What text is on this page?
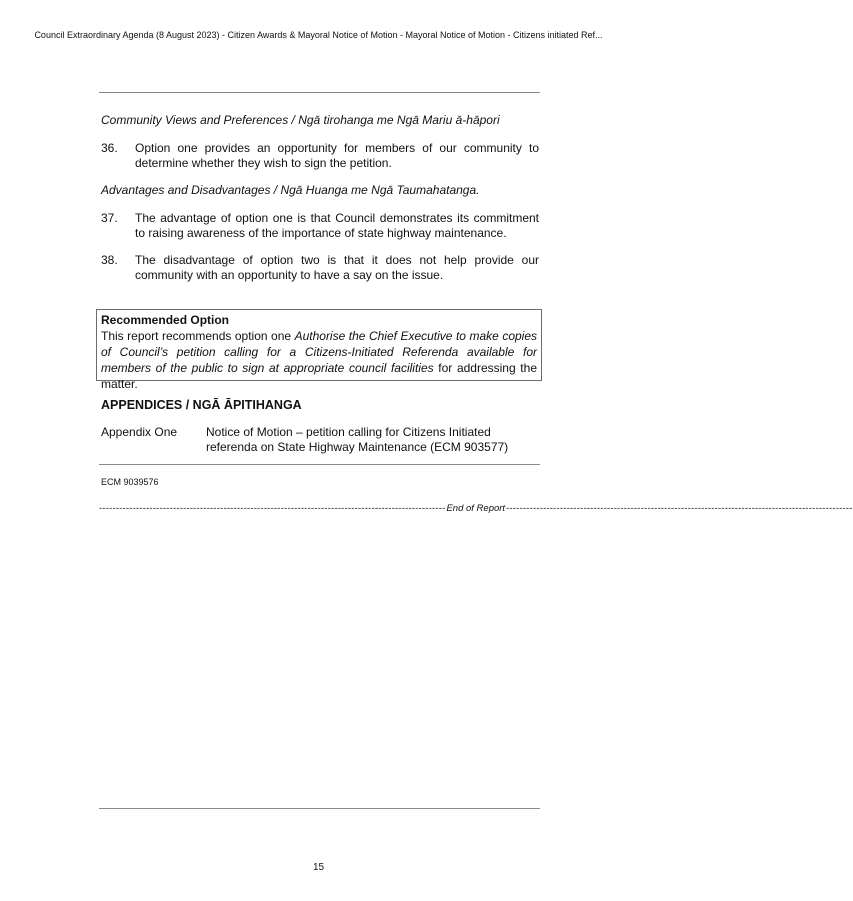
Council Extraordinary Agenda (8 August 2023) - Citizen Awards & Mayoral Notice of Motion - Mayoral Notice of Motion - Citizens initiated Ref...
Community Views and Preferences / Ngā tirohanga me Ngā Mariu ā-hāpori
36. Option one provides an opportunity for members of our community to determine whether they wish to sign the petition.
Advantages and Disadvantages / Ngā Huanga me Ngā Taumahatanga.
37. The advantage of option one is that Council demonstrates its commitment to raising awareness of the importance of state highway maintenance.
38. The disadvantage of option two is that it does not help provide our community with an opportunity to have a say on the issue.
Recommended Option
This report recommends option one Authorise the Chief Executive to make copies of Council’s petition calling for a Citizens-Initiated Referenda available for members of the public to sign at appropriate council facilities for addressing the matter.
APPENDICES / NGĀ ĀPITIHANGA
Appendix One Notice of Motion – petition calling for Citizens Initiated referenda on State Highway Maintenance (ECM 903577)
ECM 9039576
------------------------------------------------------------------------------------------------------- End of Report -------------------------------------------------------------------------------------------------------
15
